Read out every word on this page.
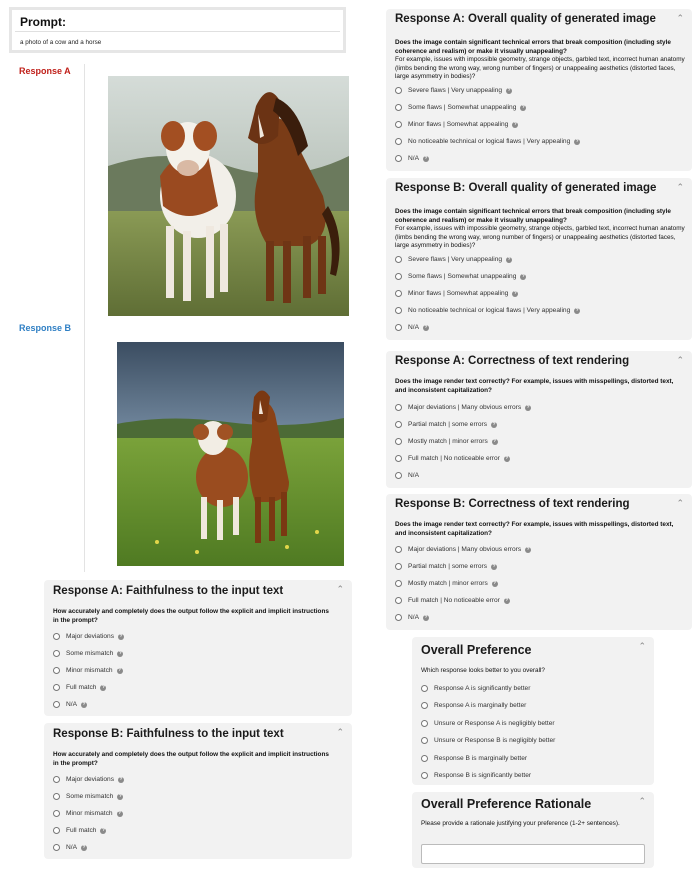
Prompt:
a photo of a cow and a horse
Response A
Response B
Response A: Overall quality of generated image ⌃
Does the image contain significant technical errors that break composition (including style coherence and realism) or make it visually unappealing?
For example, issues with impossible geometry, strange objects, garbled text, incorrect human anatomy (limbs bending the wrong way, wrong number of fingers) or unappealing aesthetics (distorted faces, large asymmetry in bodies)?
Severe flaws | Very unappealing	?
Some flaws | Somewhat unappealing	?
Minor flaws | Somewhat appealing	?
No noticeable technical or logical flaws | Very appealing	?
N/A	?
Response B: Overall quality of generated image ⌃
Does the image contain significant technical errors that break composition (including style coherence and realism) or make it visually unappealing?
For example, issues with impossible geometry, strange objects, garbled text, incorrect human anatomy (limbs bending the wrong way, wrong number of fingers) or unappealing aesthetics (distorted faces, large asymmetry in bodies)?
Severe flaws | Very unappealing	?
Some flaws | Somewhat unappealing	?
Minor flaws | Somewhat appealing	?
No noticeable technical or logical flaws | Very appealing	?
N/A	?
Response A: Correctness of text rendering	⌃
Does the image render text correctly? For example, issues with misspellings, distorted text, and inconsistent capitalization?
Major deviations | Many obvious errors	?
Partial match | some errors	?
Mostly match | minor errors	?
Full match | No noticeable error	?
N/A
Response B: Correctness of text rendering	⌃
Does the image render text correctly? For example, issues with misspellings, distorted text, and inconsistent capitalization?
Major deviations | Many obvious errors	?
Partial match | some errors	?
Mostly match | minor errors	?
Full match | No noticeable error	?
N/A	?
Response A: Faithfulness to the input text	⌃
How accurately and completely does the output follow the explicit and implicit instructions in the prompt?
Major deviations	?
Some mismatch	?
Minor mismatch	?
Full match	?
N/A	?
Response B: Faithfulness to the input text	⌃
How accurately and completely does the output follow the explicit and implicit instructions in the prompt?
Major deviations	?
Some mismatch	?
Minor mismatch	?
Full match	?
N/A	?
Overall Preference	⌃
Which response looks better to you overall?
Response A is significantly better
Response A is marginally better
Unsure or Response A is negligibly better
Unsure or Response B is negligibly better
Response B is marginally better
Response B is significantly better
Overall Preference Rationale	⌃
Please provide a rationale justifying your preference (1-2+ sentences).
